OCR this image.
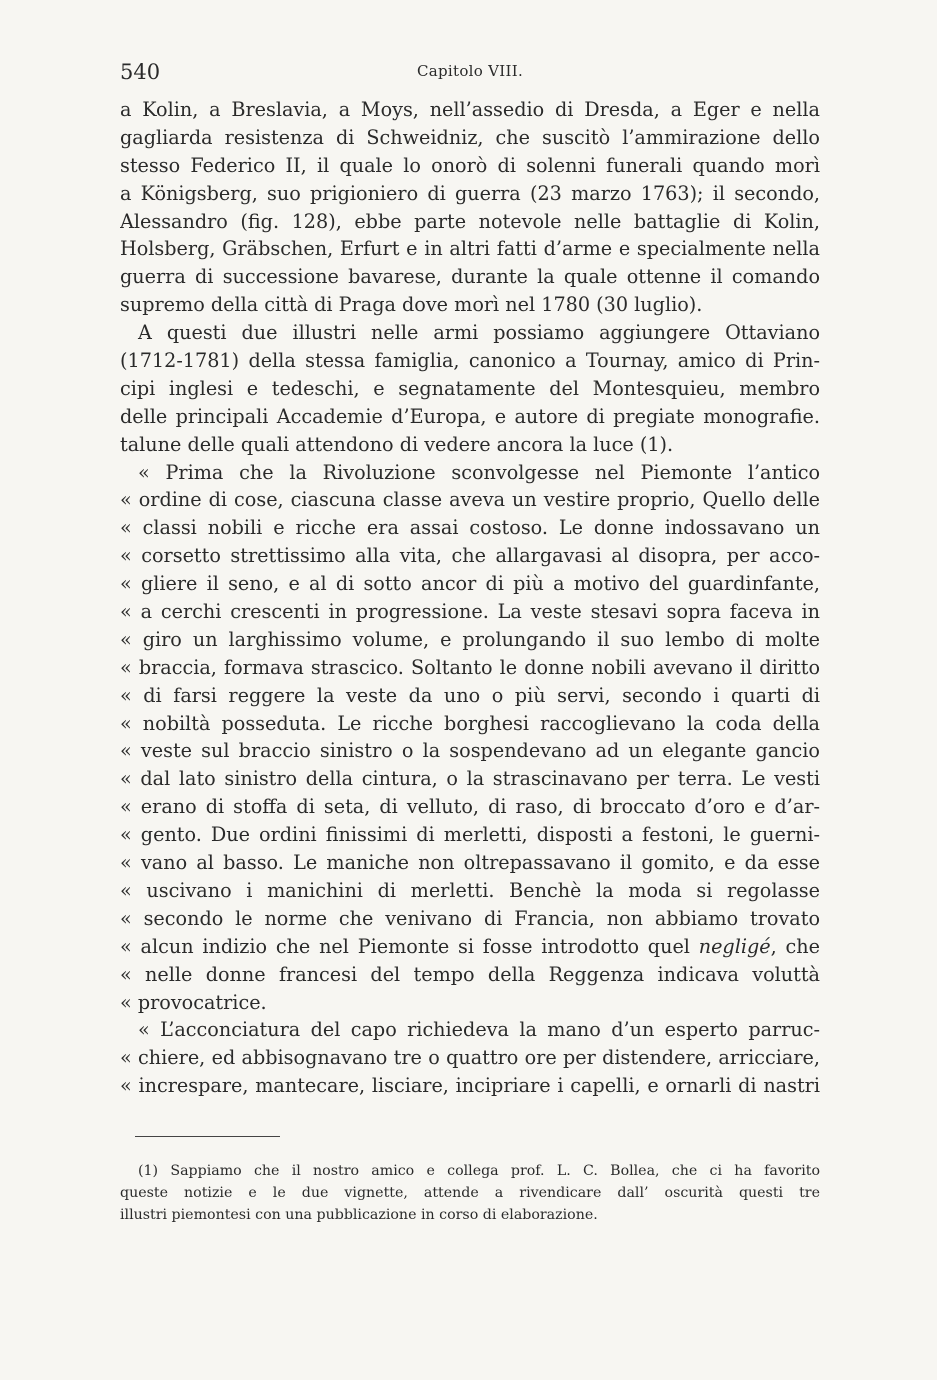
540	Capitolo VIII.
a Kolin, a Breslavia, a Moys, nell’assedio di Dresda, a Eger e nella
gagliarda resistenza di Schweidniz, che suscitò l’ammirazione dello
stesso Federico II, il quale lo onorò di solenni funerali quando morì
a Königsberg, suo prigioniero di guerra (23 marzo 1763); il secondo,
Alessandro (fig. 128), ebbe parte notevole nelle battaglie di Kolin,
Holsberg, Gräbschen, Erfurt e in altri fatti d’arme e specialmente nella
guerra di successione bavarese, durante la quale ottenne il comando
supremo della città di Praga dove morì nel 1780 (30 luglio).
A questi due illustri nelle armi possiamo aggiungere Ottaviano
(1712-1781) della stessa famiglia, canonico a Tournay, amico di Prin-
cipi inglesi e tedeschi, e segnatamente del Montesquieu, membro
delle principali Accademie d’Europa, e autore di pregiate monografie.
talune delle quali attendono di vedere ancora la luce (1).
« Prima che la Rivoluzione sconvolgesse nel Piemonte l’antico
« ordine di cose, ciascuna classe aveva un vestire proprio, Quello delle
« classi nobili e ricche era assai costoso. Le donne indossavano un
« corsetto strettissimo alla vita, che allargavasi al disopra, per acco-
« gliere il seno, e al di sotto ancor di più a motivo del guardinfante,
« a cerchi crescenti in progressione. La veste stesavi sopra faceva in
« giro un larghissimo volume, e prolungando il suo lembo di molte
« braccia, formava strascico. Soltanto le donne nobili avevano il diritto
« di farsi reggere la veste da uno o più servi, secondo i quarti di
« nobiltà posseduta. Le ricche borghesi raccoglievano la coda della
« veste sul braccio sinistro o la sospendevano ad un elegante gancio
« dal lato sinistro della cintura, o la strascinavano per terra. Le vesti
« erano di stoffa di seta, di velluto, di raso, di broccato d’oro e d’ar-
« gento. Due ordini finissimi di merletti, disposti a festoni, le guerni-
« vano al basso. Le maniche non oltrepassavano il gomito, e da esse
« uscivano i manichini di merletti. Benchè la moda si regolasse
« secondo le norme che venivano di Francia, non abbiamo trovato
« alcun indizio che nel Piemonte si fosse introdotto quel negligé, che
« nelle donne francesi del tempo della Reggenza indicava voluttà
« provocatrice.
« L’acconciatura del capo richiedeva la mano d’un esperto parruc-
« chiere, ed abbisognavano tre o quattro ore per distendere, arricciare,
« increspare, mantecare, lisciare, incipriare i capelli, e ornarli di nastri
(1) Sappiamo che il nostro amico e collega prof. L. C. Bollea, che ci ha favorito
queste notizie e le due vignette, attende a rivendicare dall’ oscurità questi tre
illustri piemontesi con una pubblicazione in corso di elaborazione.
